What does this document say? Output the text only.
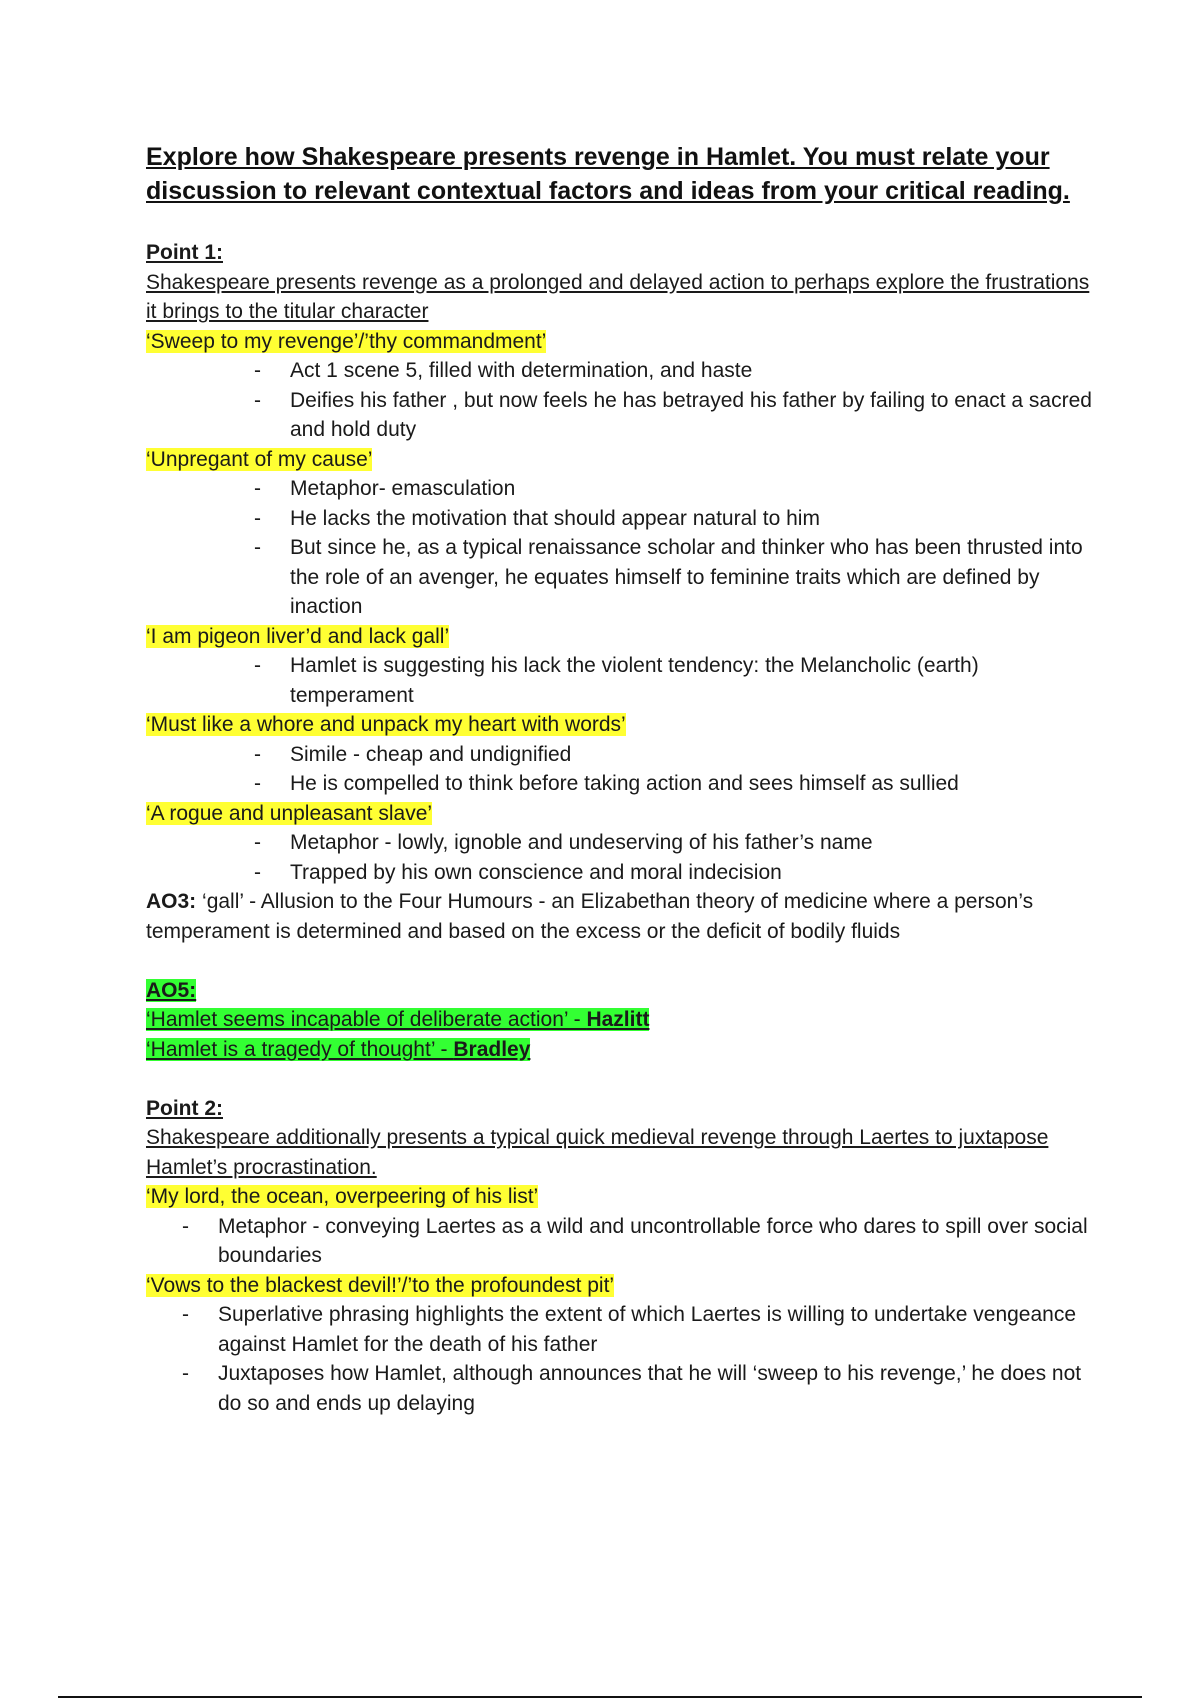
Explore how Shakespeare presents revenge in Hamlet. You must relate your discussion to relevant contextual factors and ideas from your critical reading.

Point 1:

Shakespeare presents revenge as a prolonged and delayed action to perhaps explore the frustrations it brings to the titular character

‘Sweep to my revenge’/’thy commandment’

- Act 1 scene 5, filled with determination, and haste
- Deifies his father , but now feels he has betrayed his father by failing to enact a sacred and hold duty

‘Unpregant of my cause’

- Metaphor- emasculation
- He lacks the motivation that should appear natural to him
- But since he, as a typical renaissance scholar and thinker who has been thrusted into the role of an avenger, he equates himself to feminine traits which are defined by inaction

‘I am pigeon liver’d and lack gall’

- Hamlet is suggesting his lack the violent tendency: the Melancholic (earth) temperament

‘Must like a whore and unpack my heart with words’

- Simile - cheap and undignified
- He is compelled to think before taking action and sees himself as sullied

‘A rogue and unpleasant slave’

- Metaphor - lowly, ignoble and undeserving of his father’s name
- Trapped by his own conscience and moral indecision

AO3: ‘gall’ - Allusion to the Four Humours - an Elizabethan theory of medicine where a person’s temperament is determined and based on the excess or the deficit of bodily fluids

AO5:

‘Hamlet seems incapable of deliberate action’ - Hazlitt

‘Hamlet is a tragedy of thought’ - Bradley

Point 2:

Shakespeare additionally presents a typical quick medieval revenge through Laertes to juxtapose Hamlet’s procrastination.

‘My lord, the ocean, overpeering of his list’

- Metaphor - conveying Laertes as a wild and uncontrollable force who dares to spill over social boundaries

‘Vows to the blackest devil!’/’to the profoundest pit’

- Superlative phrasing highlights the extent of which Laertes is willing to undertake vengeance against Hamlet for the death of his father
- Juxtaposes how Hamlet, although announces that he will ‘sweep to his revenge,’ he does not do so and ends up delaying
